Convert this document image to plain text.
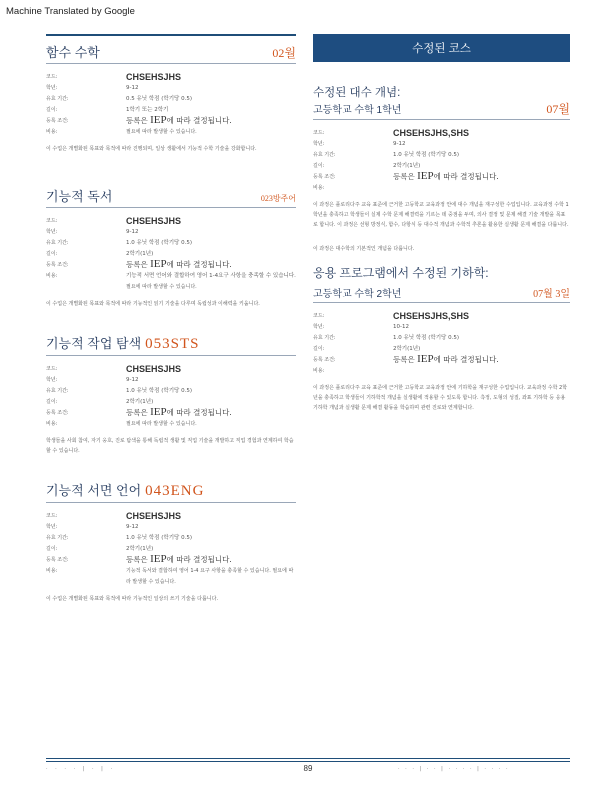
Machine Translated by Google
함수 수학	02월
코드:	CHSEHSJHS
학년:	9-12
유효 기간:	0.5 유닛 학점 (학기당 0.5)
길이:	1학기 또는 2학기
등록 조건:	등록은 IEP에 따라 결정됩니다.
비용:	필요에 따라 발생할 수 있습니다.
이 수업은 개별화된 목표와 목적에 따라 진행되며, 일상 생활에서 기능적 수학 기술을 강화합니다.
기능적 독서	023방주어
코드:	CHSEHSJHS
학년:	9-12
유효 기간:	1.0 유닛 학점 (학기당 0.5)
길이:	2학기(1년)
등록 조건:	등록은 IEP에 따라 결정됩니다.
비용:	기능적 서면 언어와 결합하여 영어 1-4요구 사항을 충족할 수 있습니다.
필요에 따라 발생할 수 있습니다.
이 수업은 개별화된 목표와 목적에 따라 기능적인 읽기 기술을 다루며 독립성과 이해력을 키웁니다.
기능적 작업 탐색 053STS
코드:	CHSEHSJHS
학년:	9-12
유효 기간:	1.0 유닛 학점 (학기당 0.5)
길이:	2학기(1년)
등록 조건:	등록은 IEP에 따라 결정됩니다.
비용:	필요에 따라 발생할 수 있습니다.
학생들을 사회 참여, 자기 옹호, 진로 탐색을 통해 독립적 생활 및 직업 기술을 개발하고 직업 경험과 연계하여 학습할 수 있습니다.
기능적 서면 언어 043ENG
코드:	CHSEHSJHS
학년:	9-12
유효 기간:	1.0 유닛 학점 (학기당 0.5)
길이:	2학기(1년)
등록 조건:	등록은 IEP에 따라 결정됩니다.
비용:	기능적 독서와 결합하여 영어 1-4 요구 사항을 충족할 수 있습니다. 필요에 따라 발생할 수 있습니다.
이 수업은 개별화된 목표와 목적에 따라 기능적인 일상의 쓰기 기술을 다룹니다.
수정된 코스
수정된 대수 개념:
고등학교 수학 1학년	07월
코드:	CHSEHSJHS,SHS
학년:	9-12
유효 기간:	1.0 유닛 학점 (학기당 0.5)
길이:	2학기(1년)
등록 조건:	등록은 IEP에 따라 결정됩니다.
비용:
이 과정은 플로리다주 교육 표준에 근거한 고등학교 교육과정 안에 대수 개념을 재구성한 수업입니다. 교육과정 수학 1학년을 충족하고 학생들이 실제 수학 문제 해결력을 기르는 데 중점을 두며, 의사 결정 및 문제 해결 기술 개발을 목표로 합니다. 이 과정은 선형 방정식, 함수, 다항식 등 대수적 개념과 수학적 추론을 활용한 실생활 문제 해결을 다룹니다.
이 과정은 대수학의 기본적인 개념을 다룹니다.
응용 프로그램에서 수정된 기하학:
고등학교 수학 2학년	07월 3일
코드:	CHSEHSJHS,SHS
학년:	10-12
유효 기간:	1.0 유닛 학점 (학기당 0.5)
길이:	2학기(1년)
등록 조건:	등록은 IEP에 따라 결정됩니다.
비용:
이 과정은 플로리다주 교육 표준에 근거한 고등학교 교육과정 안에 기하학을 재구성한 수업입니다. 교육과정 수학 2학년을 충족하고 학생들이 기하학적 개념을 실생활에 적용할 수 있도록 합니다. 측정, 도형의 성질, 좌표 기하학 등 응용 기하학 개념과 실생활 문제 해결 활동을 학습하며 관련 진로와 연계합니다.
· · · · | · | ·	89	· · · | · · | · · · · | · · · ·
